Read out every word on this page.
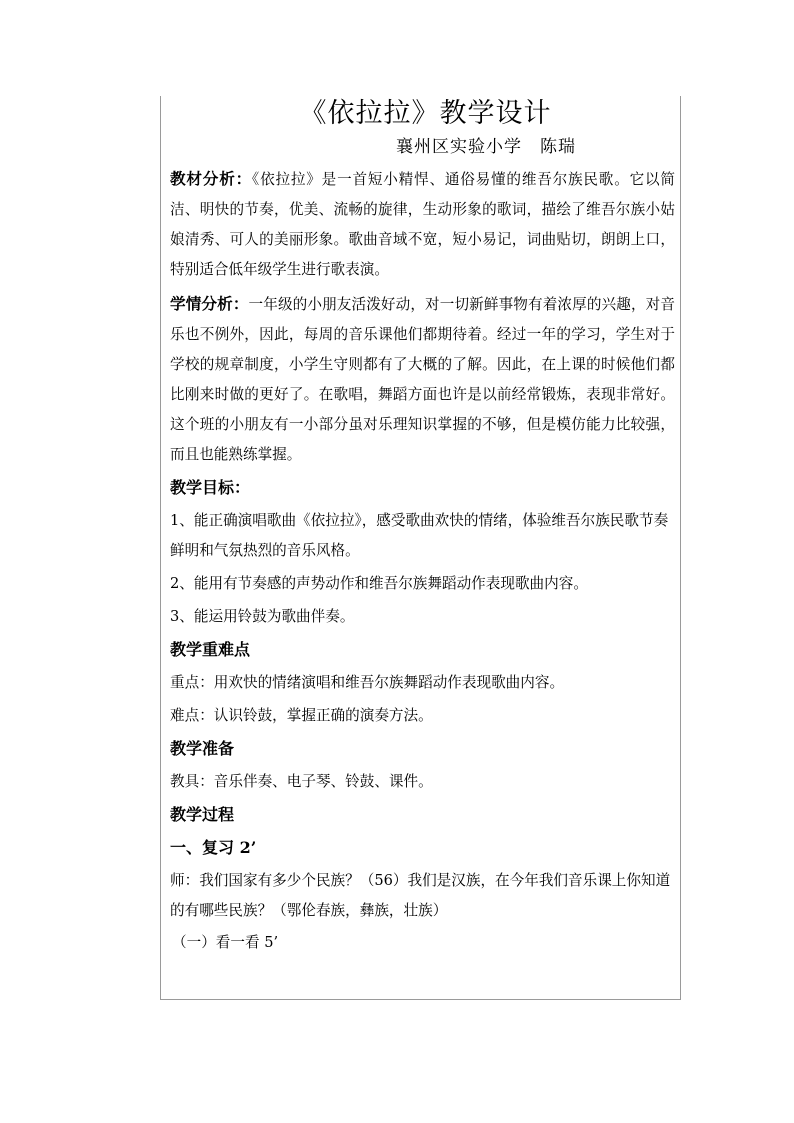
《依拉拉》教学设计
襄州区实验小学　陈瑞

教材分析：《依拉拉》是一首短小精悍、通俗易懂的维吾尔族民歌。它以简洁、明快的节奏，优美、流畅的旋律，生动形象的歌词，描绘了维吾尔族小姑娘清秀、可人的美丽形象。歌曲音域不宽，短小易记，词曲贴切，朗朗上口，特别适合低年级学生进行歌表演。

学情分析：一年级的小朋友活泼好动，对一切新鲜事物有着浓厚的兴趣，对音乐也不例外，因此，每周的音乐课他们都期待着。经过一年的学习，学生对于学校的规章制度，小学生守则都有了大概的了解。因此，在上课的时候他们都比刚来时做的更好了。在歌唱，舞蹈方面也许是以前经常锻炼，表现非常好。这个班的小朋友有一小部分虽对乐理知识掌握的不够，但是模仿能力比较强，而且也能熟练掌握。

教学目标：
1、能正确演唱歌曲《依拉拉》，感受歌曲欢快的情绪，体验维吾尔族民歌节奏鲜明和气氛热烈的音乐风格。
2、能用有节奏感的声势动作和维吾尔族舞蹈动作表现歌曲内容。
3、能运用铃鼓为歌曲伴奏。
教学重难点
重点：用欢快的情绪演唱和维吾尔族舞蹈动作表现歌曲内容。
难点：认识铃鼓，掌握正确的演奏方法。
教学准备
教具：音乐伴奏、电子琴、铃鼓、课件。
教学过程
一、复习 2’
师：我们国家有多少个民族？（56）我们是汉族，在今年我们音乐课上你知道的有哪些民族？（鄂伦春族，彝族，壮族）
（一）看一看 5’
